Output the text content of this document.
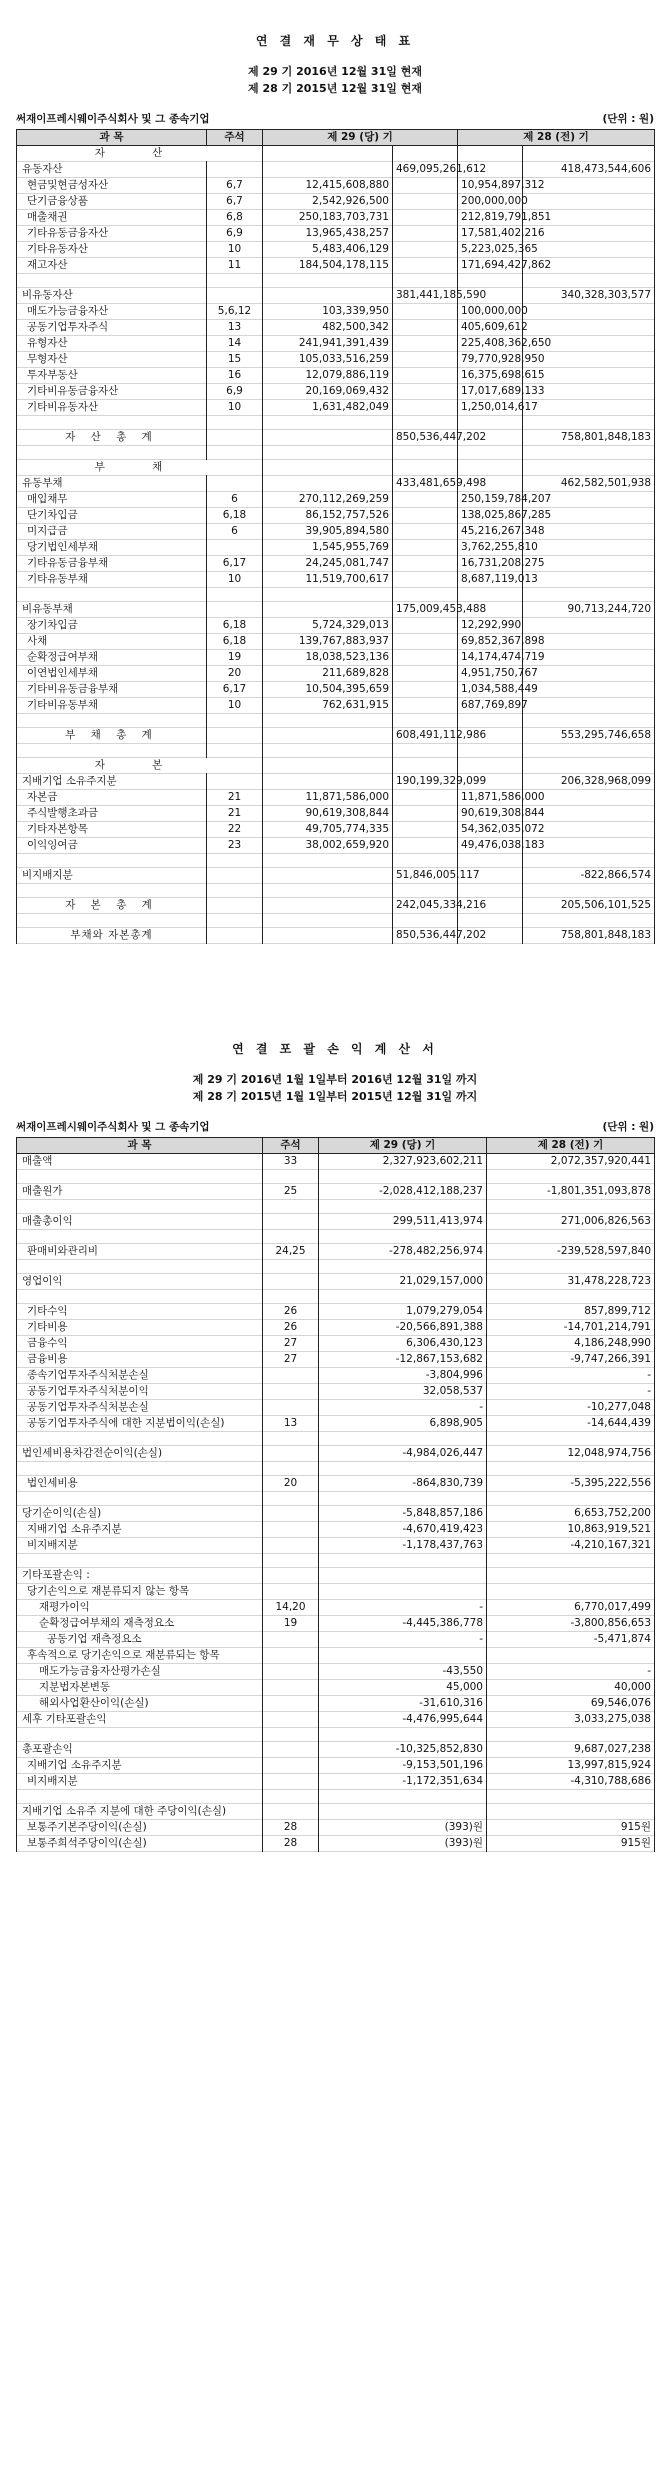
연 결 재 무 상 태 표
제 29 기 2016년 12월 31일 현재
제 28 기 2015년 12월 31일 현재
써재이프레시웨이주식회사 및 그 종속기업	(단위 : 원)
과 목	주석	제 29 (당) 기		제 28 (전) 기	
자 산					
유동자산			469,095,261,612		418,473,544,606
현금및현금성자산	6,7	12,415,608,880		10,954,897,312	
단기금융상품	6,7	2,542,926,500		200,000,000	
매출채권	6,8	250,183,703,731		212,819,791,851	
기타유동금융자산	6,9	13,965,438,257		17,581,402,216	
기타유동자산	10	5,483,406,129		5,223,025,365	
재고자산	11	184,504,178,115		171,694,427,862	

비유동자산			381,441,185,590		340,328,303,577
매도가능금융자산	5,6,12	103,339,950		100,000,000	
공동기업투자주식	13	482,500,342		405,609,612	
유형자산	14	241,941,391,439		225,408,362,650	
무형자산	15	105,033,516,259		79,770,928,950	
투자부동산	16	12,079,886,119		16,375,698,615	
기타비유동금융자산	6,9	20,169,069,432		17,017,689,133	
기타비유동자산	10	1,631,482,049		1,250,014,617	

자 산 총 계			850,536,447,202		758,801,848,183

부 채					
유동부채			433,481,659,498		462,582,501,938
매입채무	6	270,112,269,259		250,159,784,207	
단기차입금	6,18	86,152,757,526		138,025,867,285	
미지급금	6	39,905,894,580		45,216,267,348	
당기법인세부채		1,545,955,769		3,762,255,810	
기타유동금융부채	6,17	24,245,081,747		16,731,208,275	
기타유동부채	10	11,519,700,617		8,687,119,013	

비유동부채			175,009,453,488		90,713,244,720
장기차입금	6,18	5,724,329,013		12,292,990	
사채	6,18	139,767,883,937		69,852,367,898	
순확정급여부채	19	18,038,523,136		14,174,474,719	
이연법인세부채	20	211,689,828		4,951,750,767	
기타비유동금융부채	6,17	10,504,395,659		1,034,588,449	
기타비유동부채	10	762,631,915		687,769,897	

부 채 총 계			608,491,112,986		553,295,746,658

자 본					
지배기업 소유주지분			190,199,329,099		206,328,968,099
자본금	21	11,871,586,000		11,871,586,000	
주식발행초과금	21	90,619,308,844		90,619,308,844	
기타자본항목	22	49,705,774,335		54,362,035,072	
이익잉여금	23	38,002,659,920		49,476,038,183	

비지배지분			51,846,005,117		-822,866,574

자 본 총 계			242,045,334,216		205,506,101,525

부채와 자본총계			850,536,447,202		758,801,848,183
연 결 포 괄 손 익 계 산 서
제 29 기 2016년 1월 1일부터 2016년 12월 31일 까지
제 28 기 2015년 1월 1일부터 2015년 12월 31일 까지
써재이프레시웨이주식회사 및 그 종속기업	(단위 : 원)
과 목	주석	제 29 (당) 기	제 28 (전) 기
매출액	33	2,327,923,602,211	2,072,357,920,441

매출원가	25	-2,028,412,188,237	-1,801,351,093,878

매출총이익		299,511,413,974	271,006,826,563

판매비와관리비	24,25	-278,482,256,974	-239,528,597,840

영업이익		21,029,157,000	31,478,228,723

기타수익	26	1,079,279,054	857,899,712
기타비용	26	-20,566,891,388	-14,701,214,791
금융수익	27	6,306,430,123	4,186,248,990
금융비용	27	-12,867,153,682	-9,747,266,391
종속기업투자주식처분손실		-3,804,996	-
공동기업투자주식처분이익		32,058,537	-
공동기업투자주식처분손실		-	-10,277,048
공동기업투자주식에 대한 지분법이익(손실)	13	6,898,905	-14,644,439

법인세비용차감전순이익(손실)		-4,984,026,447	12,048,974,756

법인세비용	20	-864,830,739	-5,395,222,556

당기순이익(손실)		-5,848,857,186	6,653,752,200
지배기업 소유주지분		-4,670,419,423	10,863,919,521
비지배지분		-1,178,437,763	-4,210,167,321

기타포괄손익 :			
당기손익으로 재분류되지 않는 항목			
재평가이익	14,20	-	6,770,017,499
순확정급여부채의 재측정요소	19	-4,445,386,778	-3,800,856,653
공동기업 재측정요소		-	-5,471,874
후속적으로 당기손익으로 재분류되는 항목			
매도가능금융자산평가손실		-43,550	-
지분법자본변동		45,000	40,000
해외사업환산이익(손실)		-31,610,316	69,546,076
세후 기타포괄손익		-4,476,995,644	3,033,275,038

총포괄손익		-10,325,852,830	9,687,027,238
지배기업 소유주지분		-9,153,501,196	13,997,815,924
비지배지분		-1,172,351,634	-4,310,788,686

지배기업 소유주 지분에 대한 주당이익(손실)			
보통주기본주당이익(손실)	28	(393)원	915원
보통주희석주당이익(손실)	28	(393)원	915원
